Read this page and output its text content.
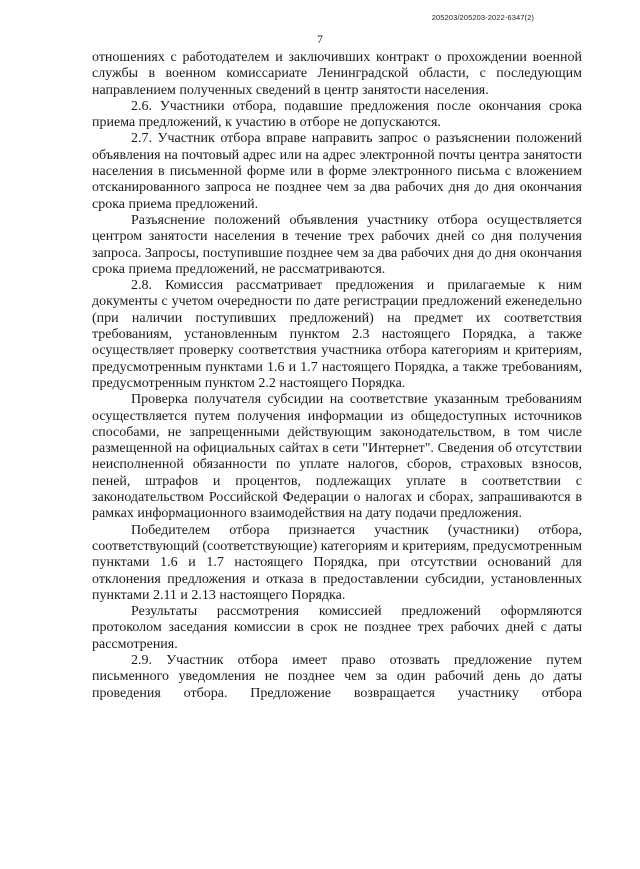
205203/205203-2022-6347(2)
7

отношениях с работодателем и заключивших контракт о прохождении военной службы в военном комиссариате Ленинградской области, с последующим направлением полученных сведений в центр занятости населения.

2.6. Участники отбора, подавшие предложения после окончания срока приема предложений, к участию в отборе не допускаются.

2.7. Участник отбора вправе направить запрос о разъяснении положений объявления на почтовый адрес или на адрес электронной почты центра занятости населения в письменной форме или в форме электронного письма с вложением отсканированного запроса не позднее чем за два рабочих дня до дня окончания срока приема предложений.

Разъяснение положений объявления участнику отбора осуществляется центром занятости населения в течение трех рабочих дней со дня получения запроса. Запросы, поступившие позднее чем за два рабочих дня до дня окончания срока приема предложений, не рассматриваются.

2.8. Комиссия рассматривает предложения и прилагаемые к ним документы с учетом очередности по дате регистрации предложений еженедельно (при наличии поступивших предложений) на предмет их соответствия требованиям, установленным пунктом 2.3 настоящего Порядка, а также осуществляет проверку соответствия участника отбора категориям и критериям, предусмотренным пунктами 1.6 и 1.7 настоящего Порядка, а также требованиям, предусмотренным пунктом 2.2 настоящего Порядка.

Проверка получателя субсидии на соответствие указанным требованиям осуществляется путем получения информации из общедоступных источников способами, не запрещенными действующим законодательством, в том числе размещенной на официальных сайтах в сети "Интернет". Сведения об отсутствии неисполненной обязанности по уплате налогов, сборов, страховых взносов, пеней, штрафов и процентов, подлежащих уплате в соответствии с законодательством Российской Федерации о налогах и сборах, запрашиваются в рамках информационного взаимодействия на дату подачи предложения.

Победителем отбора признается участник (участники) отбора, соответствующий (соответствующие) категориям и критериям, предусмотренным пунктами 1.6 и 1.7 настоящего Порядка, при отсутствии оснований для отклонения предложения и отказа в предоставлении субсидии, установленных пунктами 2.11 и 2.13 настоящего Порядка.

Результаты рассмотрения комиссией предложений оформляются протоколом заседания комиссии в срок не позднее трех рабочих дней с даты рассмотрения.

2.9. Участник отбора имеет право отозвать предложение путем письменного уведомления не позднее чем за один рабочий день до даты проведения отбора. Предложение возвращается участнику отбора
